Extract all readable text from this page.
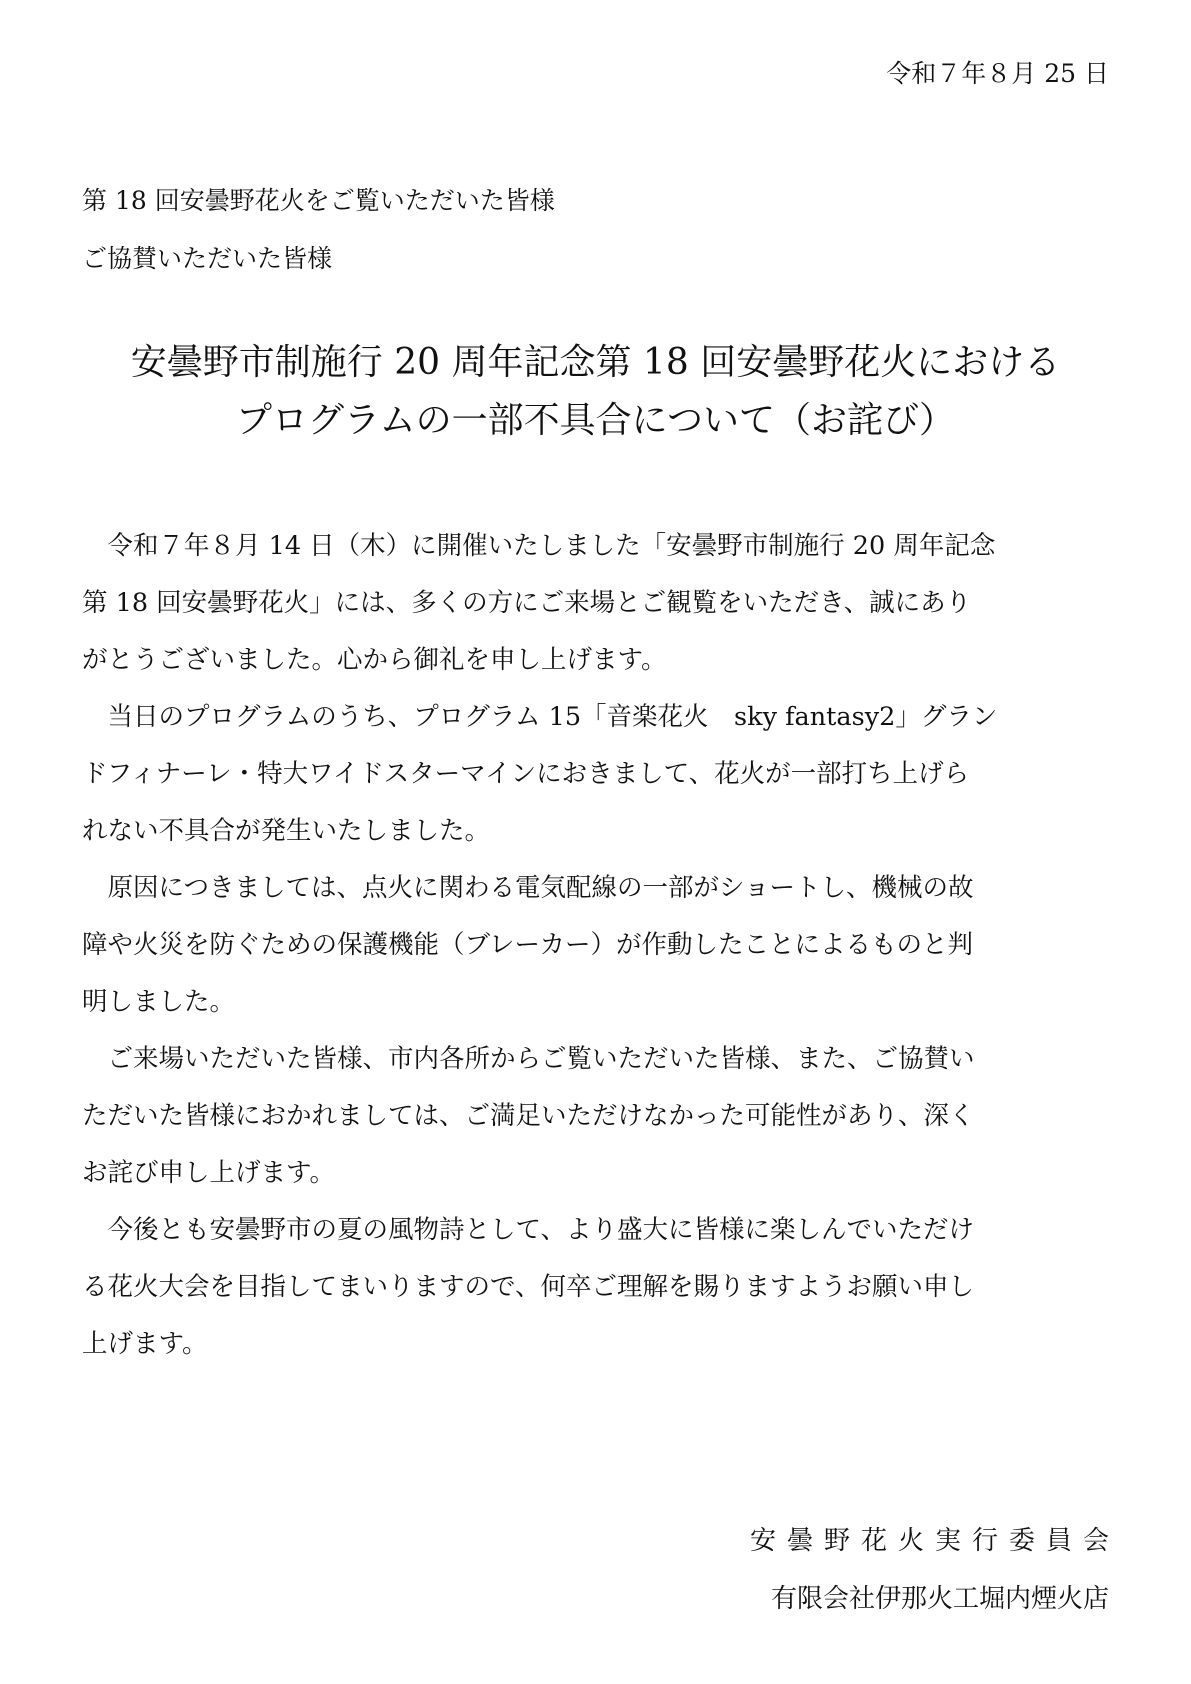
令和７年８月 25 日
第 18 回安曇野花火をご覧いただいた皆様
ご協賛いただいた皆様
安曇野市制施行 20 周年記念第 18 回安曇野花火における
プログラムの一部不具合について（お詫び）

　令和７年８月 14 日（木）に開催いたしました「安曇野市制施行 20 周年記念
第 18 回安曇野花火」には、多くの方にご来場とご観覧をいただき、誠にあり
がとうございました。心から御礼を申し上げます。

　当日のプログラムのうち、プログラム 15「音楽花火　sky fantasy2」グラン
ドフィナーレ・特大ワイドスターマインにおきまして、花火が一部打ち上げら
れない不具合が発生いたしました。

　原因につきましては、点火に関わる電気配線の一部がショートし、機械の故
障や火災を防ぐための保護機能（ブレーカー）が作動したことによるものと判
明しました。

　ご来場いただいた皆様、市内各所からご覧いただいた皆様、また、ご協賛い
ただいた皆様におかれましては、ご満足いただけなかった可能性があり、深く
お詫び申し上げます。

　今後とも安曇野市の夏の風物詩として、より盛大に皆様に楽しんでいただけ
る花火大会を目指してまいりますので、何卒ご理解を賜りますようお願い申し
上げます。

安曇野花火実行委員会
有限会社伊那火工堀内煙火店
